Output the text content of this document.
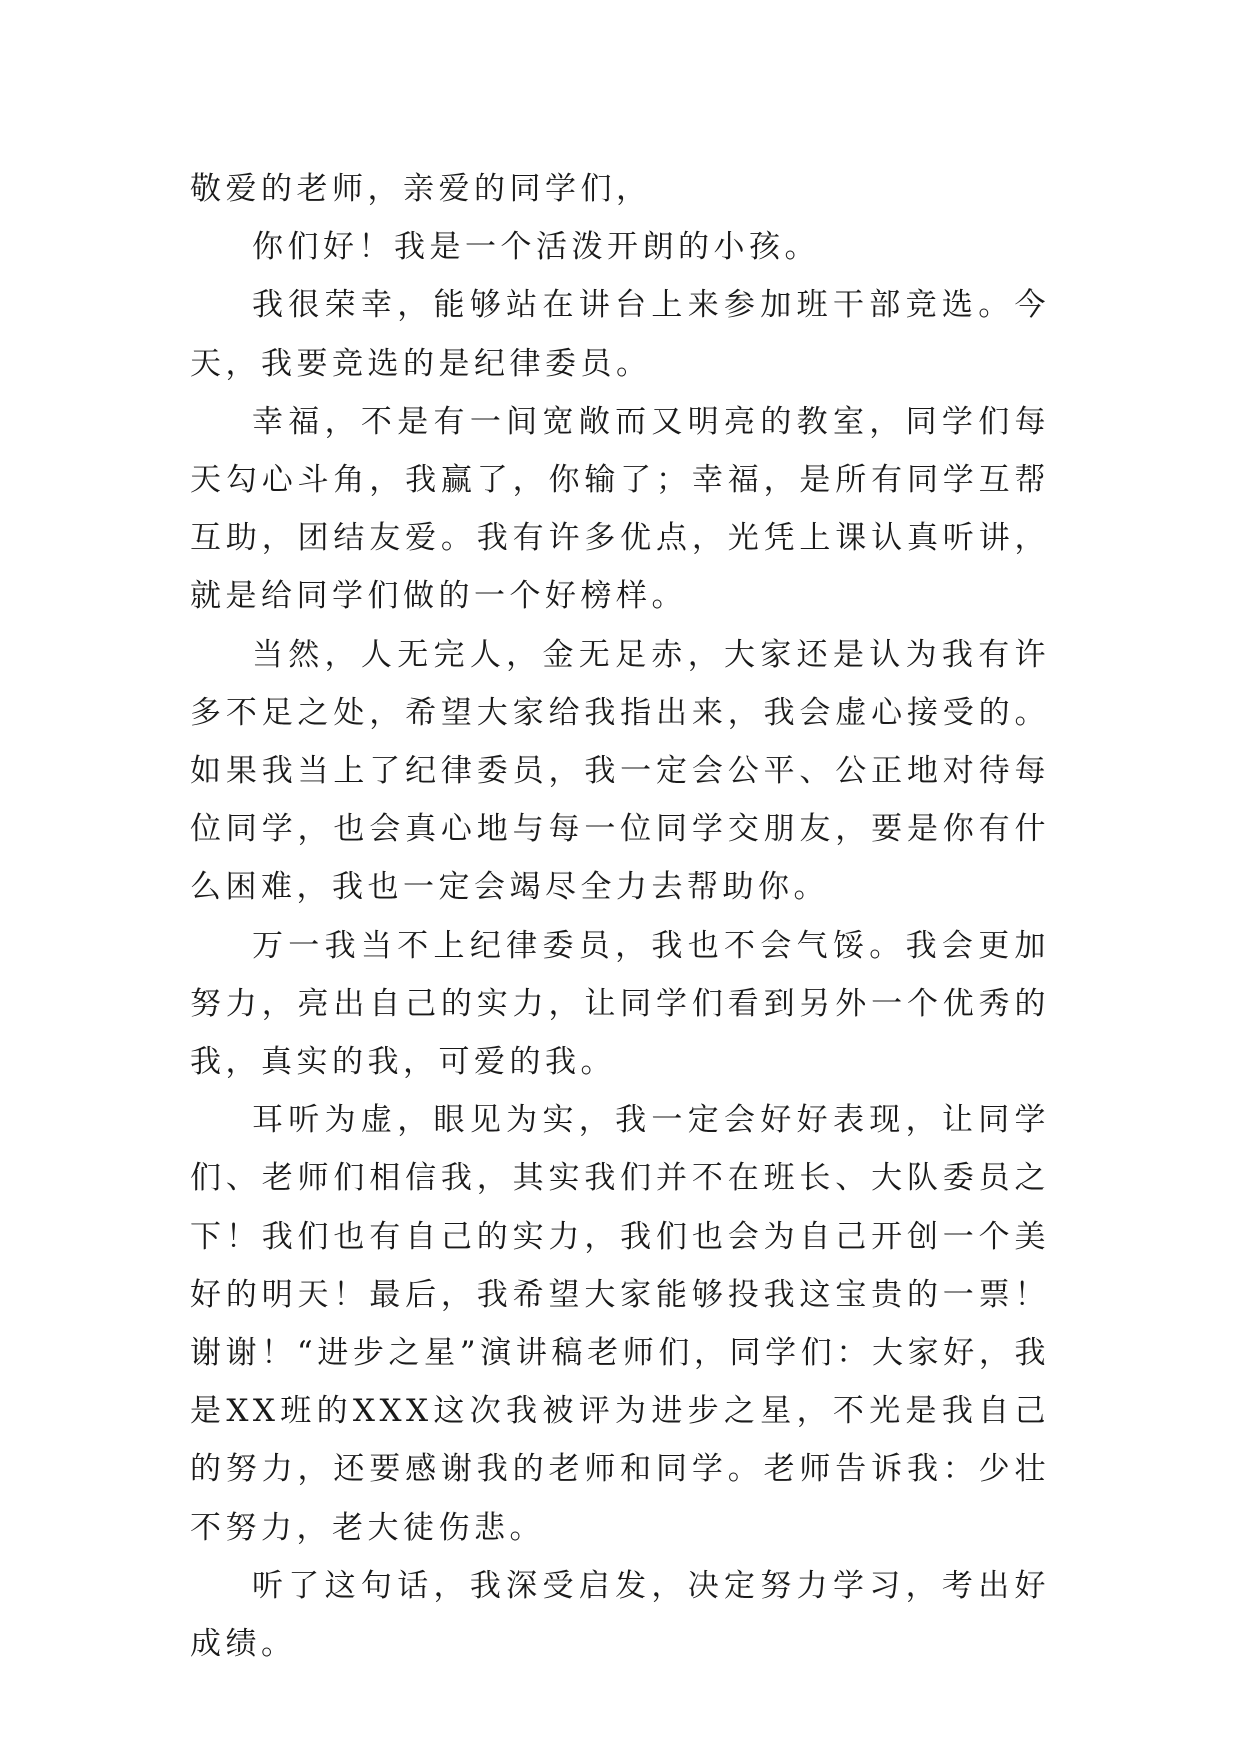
敬爱的老师，亲爱的同学们，

你们好！我是一个活泼开朗的小孩。

我很荣幸，能够站在讲台上来参加班干部竞选。今天，我要竞选的是纪律委员。

幸福，不是有一间宽敞而又明亮的教室，同学们每天勾心斗角，我赢了，你输了；幸福，是所有同学互帮互助，团结友爱。我有许多优点，光凭上课认真听讲，就是给同学们做的一个好榜样。

当然，人无完人，金无足赤，大家还是认为我有许多不足之处，希望大家给我指出来，我会虚心接受的。如果我当上了纪律委员，我一定会公平、公正地对待每位同学，也会真心地与每一位同学交朋友，要是你有什么困难，我也一定会竭尽全力去帮助你。

万一我当不上纪律委员，我也不会气馁。我会更加努力，亮出自己的实力，让同学们看到另外一个优秀的我，真实的我，可爱的我。

耳听为虚，眼见为实，我一定会好好表现，让同学们、老师们相信我，其实我们并不在班长、大队委员之下！我们也有自己的实力，我们也会为自己开创一个美好的明天！最后，我希望大家能够投我这宝贵的一票！谢谢！“进步之星”演讲稿老师们，同学们：大家好，我是XX班的XXX这次我被评为进步之星，不光是我自己的努力，还要感谢我的老师和同学。老师告诉我：少壮不努力，老大徒伤悲。

听了这句话，我深受启发，决定努力学习，考出好成绩。
